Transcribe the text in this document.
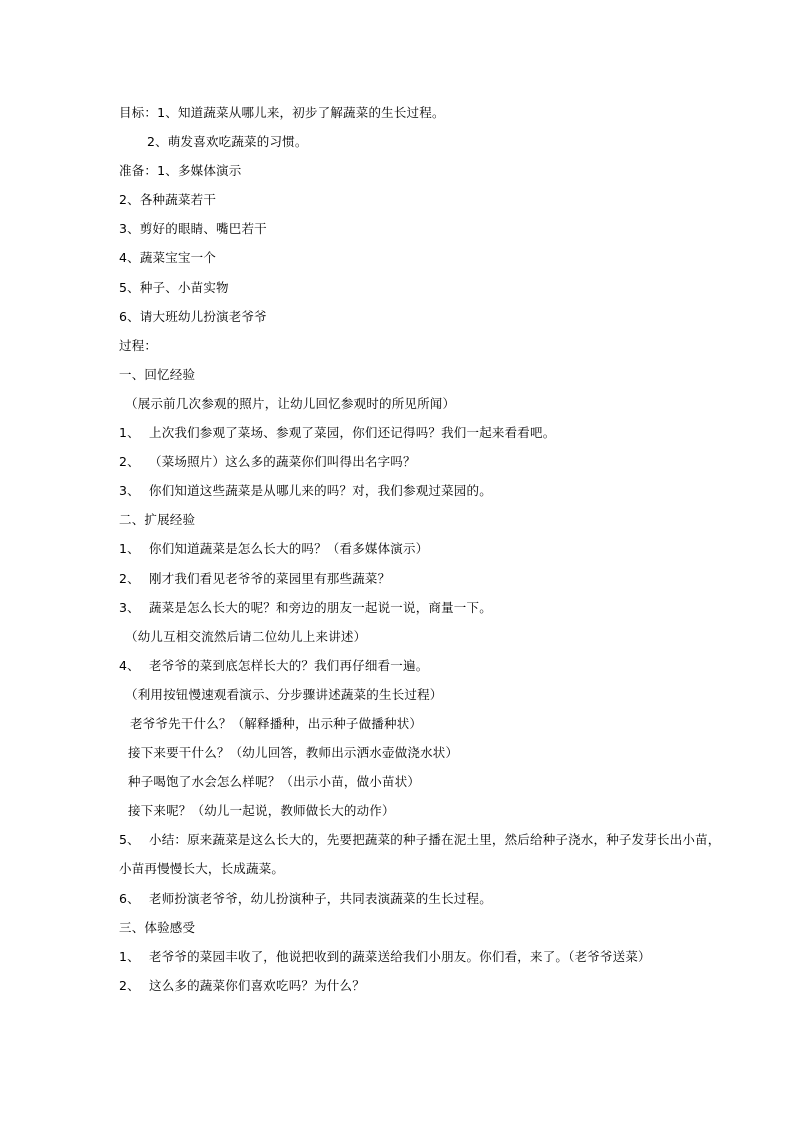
目标：1、知道蔬菜从哪儿来，初步了解蔬菜的生长过程。
2、萌发喜欢吃蔬菜的习惯。
准备：1、多媒体演示
2、各种蔬菜若干
3、剪好的眼睛、嘴巴若干
4、蔬菜宝宝一个
5、种子、小苗实物
6、请大班幼儿扮演老爷爷
过程：
一、回忆经验
（展示前几次参观的照片，让幼儿回忆参观时的所见所闻）
1、 上次我们参观了菜场、参观了菜园，你们还记得吗？我们一起来看看吧。
2、 （菜场照片）这么多的蔬菜你们叫得出名字吗？
3、 你们知道这些蔬菜是从哪儿来的吗？对，我们参观过菜园的。
二、扩展经验
1、 你们知道蔬菜是怎么长大的吗？（看多媒体演示）
2、 刚才我们看见老爷爷的菜园里有那些蔬菜？
3、 蔬菜是怎么长大的呢？和旁边的朋友一起说一说，商量一下。
（幼儿互相交流然后请二位幼儿上来讲述）
4、 老爷爷的菜到底怎样长大的？我们再仔细看一遍。
（利用按钮慢速观看演示、分步骤讲述蔬菜的生长过程）
老爷爷先干什么？（解释播种，出示种子做播种状）
接下来要干什么？（幼儿回答，教师出示洒水壶做浇水状）
种子喝饱了水会怎么样呢？（出示小苗，做小苗状）
接下来呢？（幼儿一起说，教师做长大的动作）
5、 小结：原来蔬菜是这么长大的，先要把蔬菜的种子播在泥土里，然后给种子浇水，种子发芽长出小苗，
小苗再慢慢长大，长成蔬菜。
6、 老师扮演老爷爷，幼儿扮演种子，共同表演蔬菜的生长过程。
三、体验感受
1、 老爷爷的菜园丰收了，他说把收到的蔬菜送给我们小朋友。你们看，来了。（老爷爷送菜）
2、 这么多的蔬菜你们喜欢吃吗？为什么？
